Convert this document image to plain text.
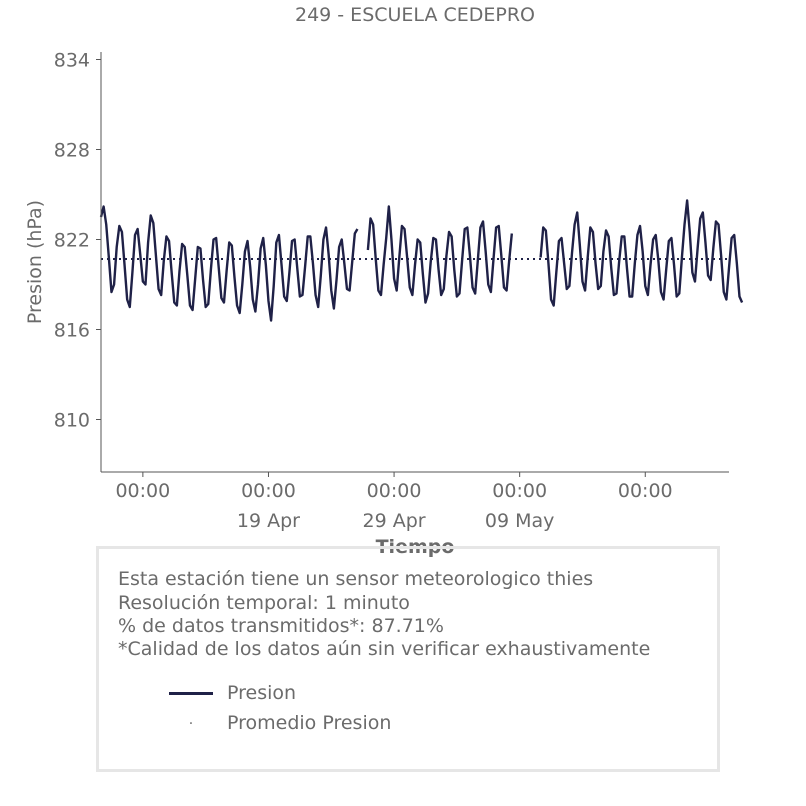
249 - ESCUELA CEDEPRO
810
816
822
828
834
00:00	00:00
19 Apr
00:00
29 Apr
00:00
09 May
00:00
Presion (hPa)
Tiempo
Esta estación tiene un sensor meteorologico thies
Resolución temporal: 1 minuto
% de datos transmitidos*: 87.71%
*Calidad de los datos aún sin verificar exhaustivamente
Presion
· Promedio Presion
